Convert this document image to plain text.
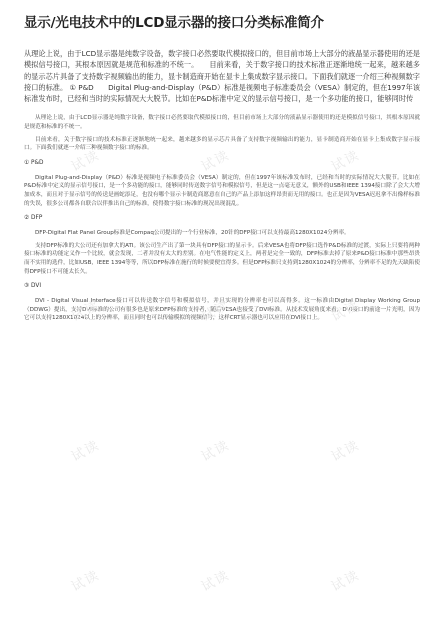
显示/光电技术中的LCD显示器的接口分类标准简介

从理论上说，由于LCD显示器是纯数字设备，数字接口必然要取代模拟接口的，但目前市场上大部分的液晶显示器使用的还是模拟信号接口，其根本原因就是规范和标准的不统一。　　目前来看，关于数字接口的技术标准正逐渐地统一起来，越来越多的显示芯片具备了支持数字视频输出的能力，显卡制造商开始在显卡上集成数字显示接口。下面我们就逐一介绍三种视频数字接口的标准。 ① P&D　　Digital Plug-and-Display（P&D）标准是视频电子标准委员会（VESA）制定的，但在1997年该标准发布时，已经和当时的实际情况大大脱节。比如在P&D标准中定义的显示信号接口，是一个多功能的接口，能够同时传

从理论上说，由于LCD显示器是纯数字设备，数字接口必然要取代模拟接口的，但目前市场上大部分的液晶显示器使用的还是模拟信号接口，其根本原因就是规范和标准的不统一。

目前来看，关于数字接口的技术标准正逐渐地统一起来，越来越多的显示芯片具备了支持数字视频输出的能力，显卡制造商开始在显卡上集成数字显示接口。下面我们就逐一介绍三种视频数字接口的标准。

① P&D

Digital Plug-and-Display（P&D）标准是视频电子标准委员会（VESA）制定的，但在1997年该标准发布时，已经和当时的实际情况大大脱节。比如在P&D标准中定义的显示信号接口，是一个多功能的接口，能够同时传送数字信号和模拟信号，但是这一点毫无意义，额外的USB和IEEE 1394接口除了会大大增加成本，而且对于显示信号的传送是画蛇添足，也没有哪个显示卡制造商愿意在自己的产品上添加这样昂贵而无用的接口。也正是因为VESA迟迟拿不出像样标准的失误，很多公司都各自联合以伴推出自己的标准，使得数字接口标准的现况出现混乱。

② DFP

DFP-Digital Flat Panel Group标准是Compaq公司提出的一个行业标准，20针的DFP接口可以支持最高1280X1024分辨率。

支持DFP标准的大公司还有加拿大的ATI。该公司生产出了第一块具有DFP接口的显示卡。后来VESA也将DFP接口选作P&D标准的过渡，实际上只要将两种接口标准的功能定义作一个比较，就会发现，二者并没有太大的差别。在电气性能的定义上，两者是完全一致的，DFP标准去掉了原来P&D接口标准中那些昂贵而不实用的选件，比如USB，IEEE 1394等等，所以DFP标准在施行的时候要便宜得多。但是DFP标准只支持到1280X1024的分辨率，分辨率不足的先天缺陷使得DFP接口不可能太长久。

③ DVI

DVI - Digital Visual Interface接口可以传送数字信号和模拟信号，并且实现的分辨率也可以高得多。这一标准由Digital Display Working Group（DDWG）提出，支持DVI标准的公司有很多也是原来DFP标准的支持者，随后VESA也接受了DVI标准。从技术发展角度来看，DVI接口的前途一片光明，因为它可以支持1280X1024以上的分辨率，而且同时也可以传输模拟的视频信号，这样CRT显示器也可以应用在DVI接口上。

试读	试读	试读
试读	试读	试读
试读	试读	试读
试读	试读	试读
